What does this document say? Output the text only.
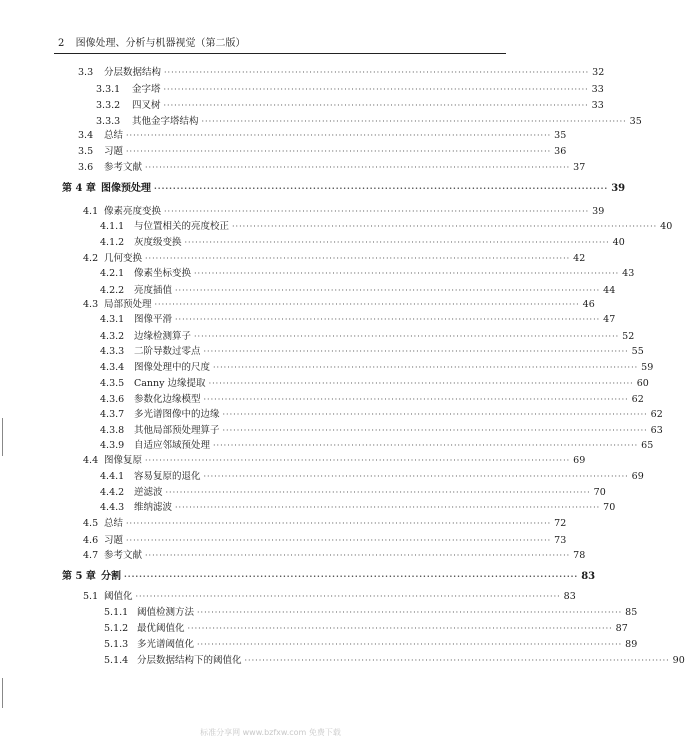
2 图像处理、分析与机器视觉（第二版）
3.3	分层数据结构 ························································································································ 32
3.3.1	金字塔 ························································································································ 33
3.3.2	四叉树 ························································································································ 33
3.3.3	其他金字塔结构 ························································································································ 35
3.4	总结 ························································································································ 35
3.5	习题 ························································································································ 36
3.6	参考文献 ························································································································ 37
第 4 章 图像预处理 ························································································································ 39
4.1 像素亮度变换 ························································································································ 39
4.1.1	与位置相关的亮度校正 ························································································································ 40
4.1.2	灰度级变换 ························································································································ 40
4.2 几何变换 ························································································································ 42
4.2.1	像素坐标变换 ························································································································ 43
4.2.2	亮度插值 ························································································································ 44
4.3 局部预处理 ························································································································ 46
4.3.1	图像平滑 ························································································································ 47
4.3.2	边缘检测算子 ························································································································ 52
4.3.3	二阶导数过零点 ························································································································ 55
4.3.4	图像处理中的尺度 ························································································································ 59
4.3.5	Canny 边缘提取 ························································································································ 60
4.3.6	参数化边缘模型 ························································································································ 62
4.3.7	多光谱图像中的边缘 ························································································································ 62
4.3.8	其他局部预处理算子 ························································································································ 63
4.3.9	自适应邻域预处理 ························································································································ 65
4.4 图像复原 ························································································································ 69
4.4.1	容易复原的退化 ························································································································ 69
4.4.2	逆滤波 ························································································································ 70
4.4.3	维纳滤波 ························································································································ 70
4.5 总结 ························································································································ 72
4.6 习题 ························································································································ 73
4.7 参考文献 ························································································································ 78
第 5 章 分割 ························································································································ 83
5.1 阈值化 ························································································································ 83
5.1.1 阈值检测方法 ························································································································ 85
5.1.2 最优阈值化 ························································································································ 87
5.1.3 多光谱阈值化 ························································································································ 89
5.1.4 分层数据结构下的阈值化 ························································································································ 90
标准分享网 www.bzfxw.com 免费下载
